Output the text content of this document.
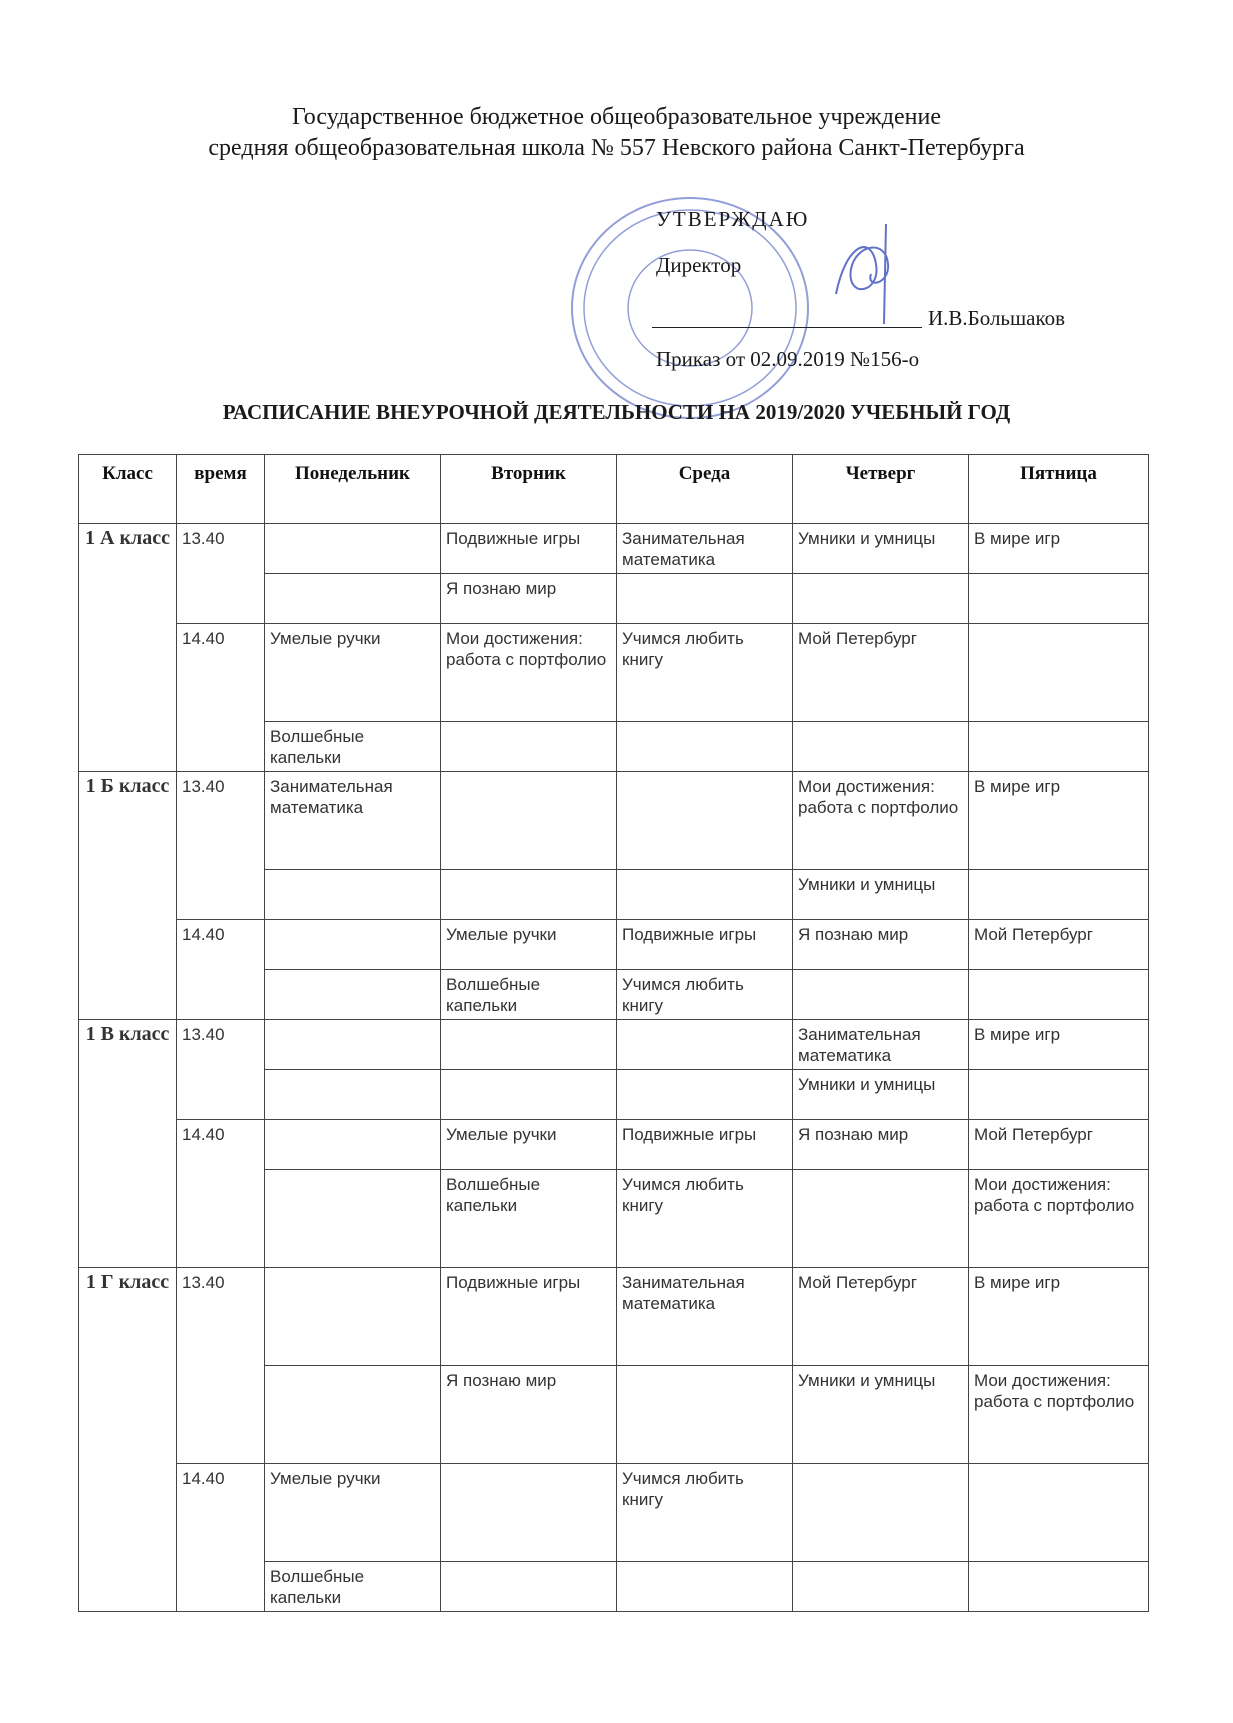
Государственное бюджетное общеобразовательное учреждение
средняя общеобразовательная школа № 557 Невского района Санкт-Петербурга
УТВЕРЖДАЮ
Директор
И.В.Большаков
Приказ от 02.09.2019 №156-о
РАСПИСАНИЕ ВНЕУРОЧНОЙ ДЕЯТЕЛЬНОСТИ НА 2019/2020 УЧЕБНЫЙ ГОД
Класс	время	Понедельник	Вторник	Среда	Четверг	Пятница
1 А класс	13.40		Подвижные игры	Занимательная математика	Умники и умницы	В мире игр
			Я познаю мир			
	14.40	Умелые ручки	Мои достижения: работа с портфолио	Учимся любить книгу	Мой Петербург	
		Волшебные капельки				
1 Б класс	13.40	Занимательная математика			Мои достижения: работа с портфолио	В мире игр
					Умники и умницы	
	14.40		Умелые ручки	Подвижные игры	Я познаю мир	Мой Петербург
			Волшебные капельки	Учимся любить книгу		
1 В класс	13.40				Занимательная математика	В мире игр
					Умники и умницы	
	14.40		Умелые ручки	Подвижные игры	Я познаю мир	Мой Петербург
			Волшебные капельки	Учимся любить книгу		Мои достижения: работа с портфолио
1 Г класс	13.40		Подвижные игры	Занимательная математика	Мой Петербург	В мире игр
			Я познаю мир		Умники и умницы	Мои достижения: работа с портфолио
	14.40	Умелые ручки		Учимся любить книгу		
		Волшебные капельки				
